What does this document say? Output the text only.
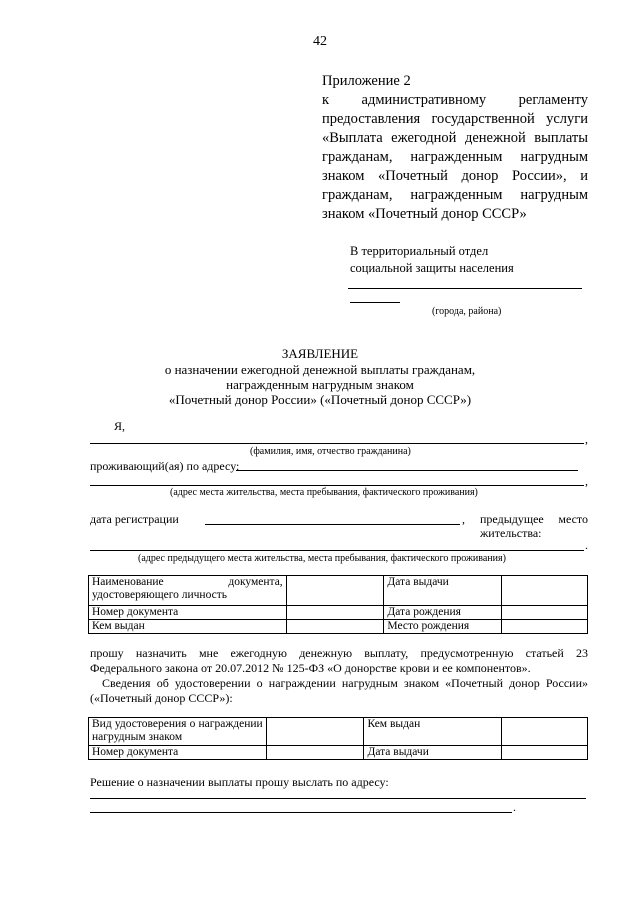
42
Приложение 2
к административному регламенту
предоставления государственной услуги
«Выплата ежегодной денежной выплаты
гражданам, награжденным нагрудным
знаком «Почетный донор России», и
гражданам, награжденным нагрудным
знаком «Почетный донор СССР»
В территориальный отдел
социальной защиты населения
(города, района)
ЗАЯВЛЕНИЕ
о назначении ежегодной денежной выплаты гражданам,
награжденным нагрудным знаком
«Почетный донор России» («Почетный донор СССР»)
Я,
,
(фамилия, имя, отчество гражданина)
проживающий(ая) по адресу:
,
(адрес места жительства, места пребывания, фактического проживания)
дата регистрации	, предыдущее место жительства:
.
(адрес предыдущего места жительства, места пребывания, фактического проживания)
Наименование документа, удостоверяющего личность		Дата выдачи	
Номер документа		Дата рождения	
Кем выдан		Место рождения	
прошу назначить мне ежегодную денежную выплату, предусмотренную статьей 23 Федерального закона от 20.07.2012 № 125-ФЗ «О донорстве крови и ее компонентов».
Сведения об удостоверении о награждении нагрудным знаком «Почетный донор России» («Почетный донор СССР»):
Вид удостоверения о награждении нагрудным знаком		Кем выдан	
Номер документа		Дата выдачи	
Решение о назначении выплаты прошу выслать по адресу:
.
